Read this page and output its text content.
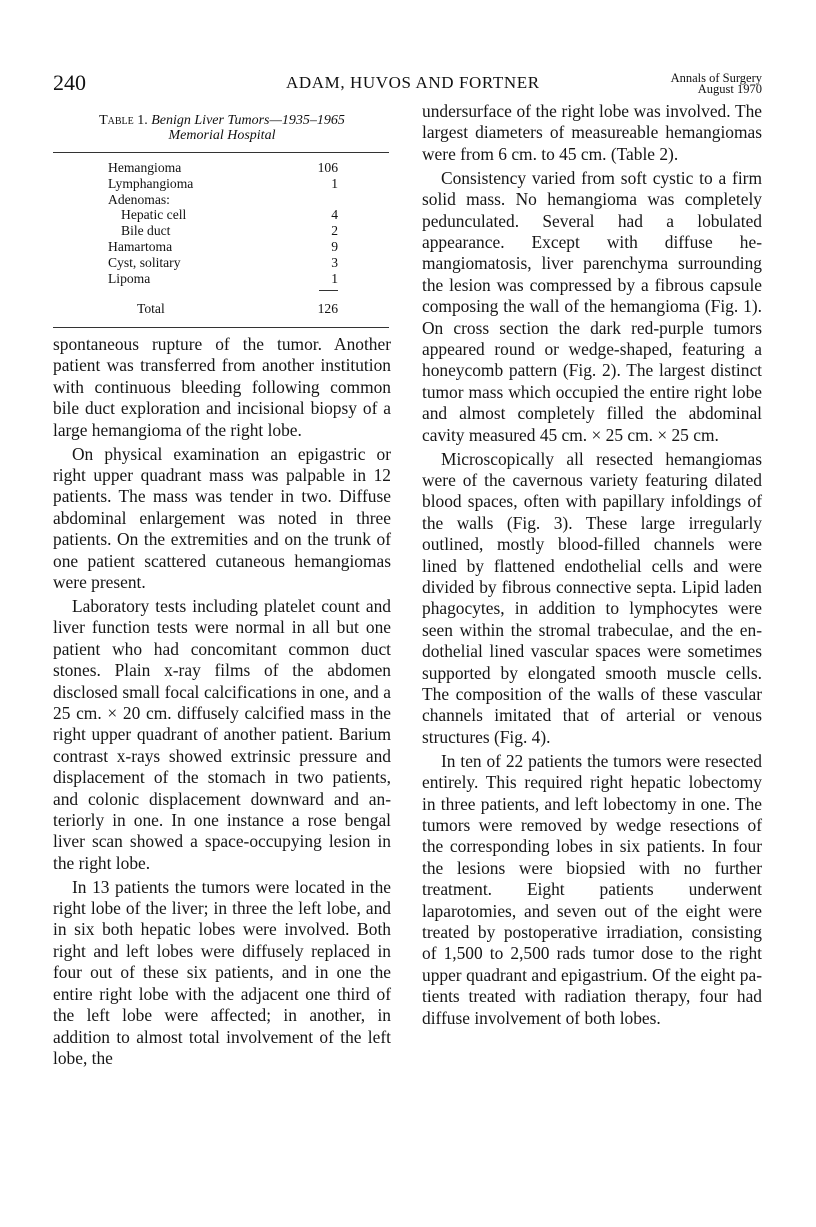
240	ADAM, HUVOS AND FORTNER	Annals of Surgery
August 1970
Table 1. Benign Liver Tumors—1935–1965
Memorial Hospital
Hemangioma	106
Lymphangioma	1
Adenomas:
Hepatic cell	4
Bile duct	2
Hamartoma	9
Cyst, solitary	3
Lipoma	1
Total	126

spontaneous rupture of the tumor. Another patient was transferred from another institution with continuous bleeding following common bile duct exploration and incisional biopsy of a large hemangioma of the right lobe.

On physical examination an epigastric or right upper quadrant mass was palpable in 12 patients. The mass was tender in two. Diffuse abdominal enlargement was noted in three patients. On the extremities and on the trunk of one patient scattered cutaneous hemangiomas were present.

Laboratory tests including platelet count and liver function tests were normal in all but one patient who had concomitant common duct stones. Plain x-ray films of the abdomen disclosed small focal calcifications in one, and a 25 cm. × 20 cm. diffusely calcified mass in the right upper quadrant of another patient. Barium contrast x-rays showed extrinsic pressure and displacement of the stomach in two patients, and colonic displacement downward and anteriorly in one. In one instance a rose bengal liver scan showed a space-occupying lesion in the right lobe.

In 13 patients the tumors were located in the right lobe of the liver; in three the left lobe, and in six both hepatic lobes were involved. Both right and left lobes were diffusely replaced in four out of these six patients, and in one the entire right lobe with the adjacent one third of the left lobe were affected; in another, in addition to almost total involvement of the left lobe, the

undersurface of the right lobe was involved. The largest diameters of measureable hemangiomas were from 6 cm. to 45 cm. (Table 2).

Consistency varied from soft cystic to a firm solid mass. No hemangioma was completely pedunculated. Several had a lobulated appearance. Except with diffuse hemangiomatosis, liver parenchyma surrounding the lesion was compressed by a fibrous capsule composing the wall of the hemangioma (Fig. 1). On cross section the dark red-purple tumors appeared round or wedge-shaped, featuring a honeycomb pattern (Fig. 2). The largest distinct tumor mass which occupied the entire right lobe and almost completely filled the abdominal cavity measured 45 cm. × 25 cm. × 25 cm.

Microscopically all resected hemangiomas were of the cavernous variety featuring dilated blood spaces, often with papillary infoldings of the walls (Fig. 3). These large irregularly outlined, mostly blood-filled channels were lined by flattened endothelial cells and were divided by fibrous connective septa. Lipid laden phagocytes, in addition to lymphocytes were seen within the stromal trabeculae, and the endothelial lined vascular spaces were sometimes supported by elongated smooth muscle cells. The composition of the walls of these vascular channels imitated that of arterial or venous structures (Fig. 4).

In ten of 22 patients the tumors were resected entirely. This required right hepatic lobectomy in three patients, and left lobectomy in one. The tumors were removed by wedge resections of the corresponding lobes in six patients. In four the lesions were biopsied with no further treatment. Eight patients underwent laparotomies, and seven out of the eight were treated by postoperative irradiation, consisting of 1,500 to 2,500 rads tumor dose to the right upper quadrant and epigastrium. Of the eight patients treated with radiation therapy, four had diffuse involvement of both lobes.
